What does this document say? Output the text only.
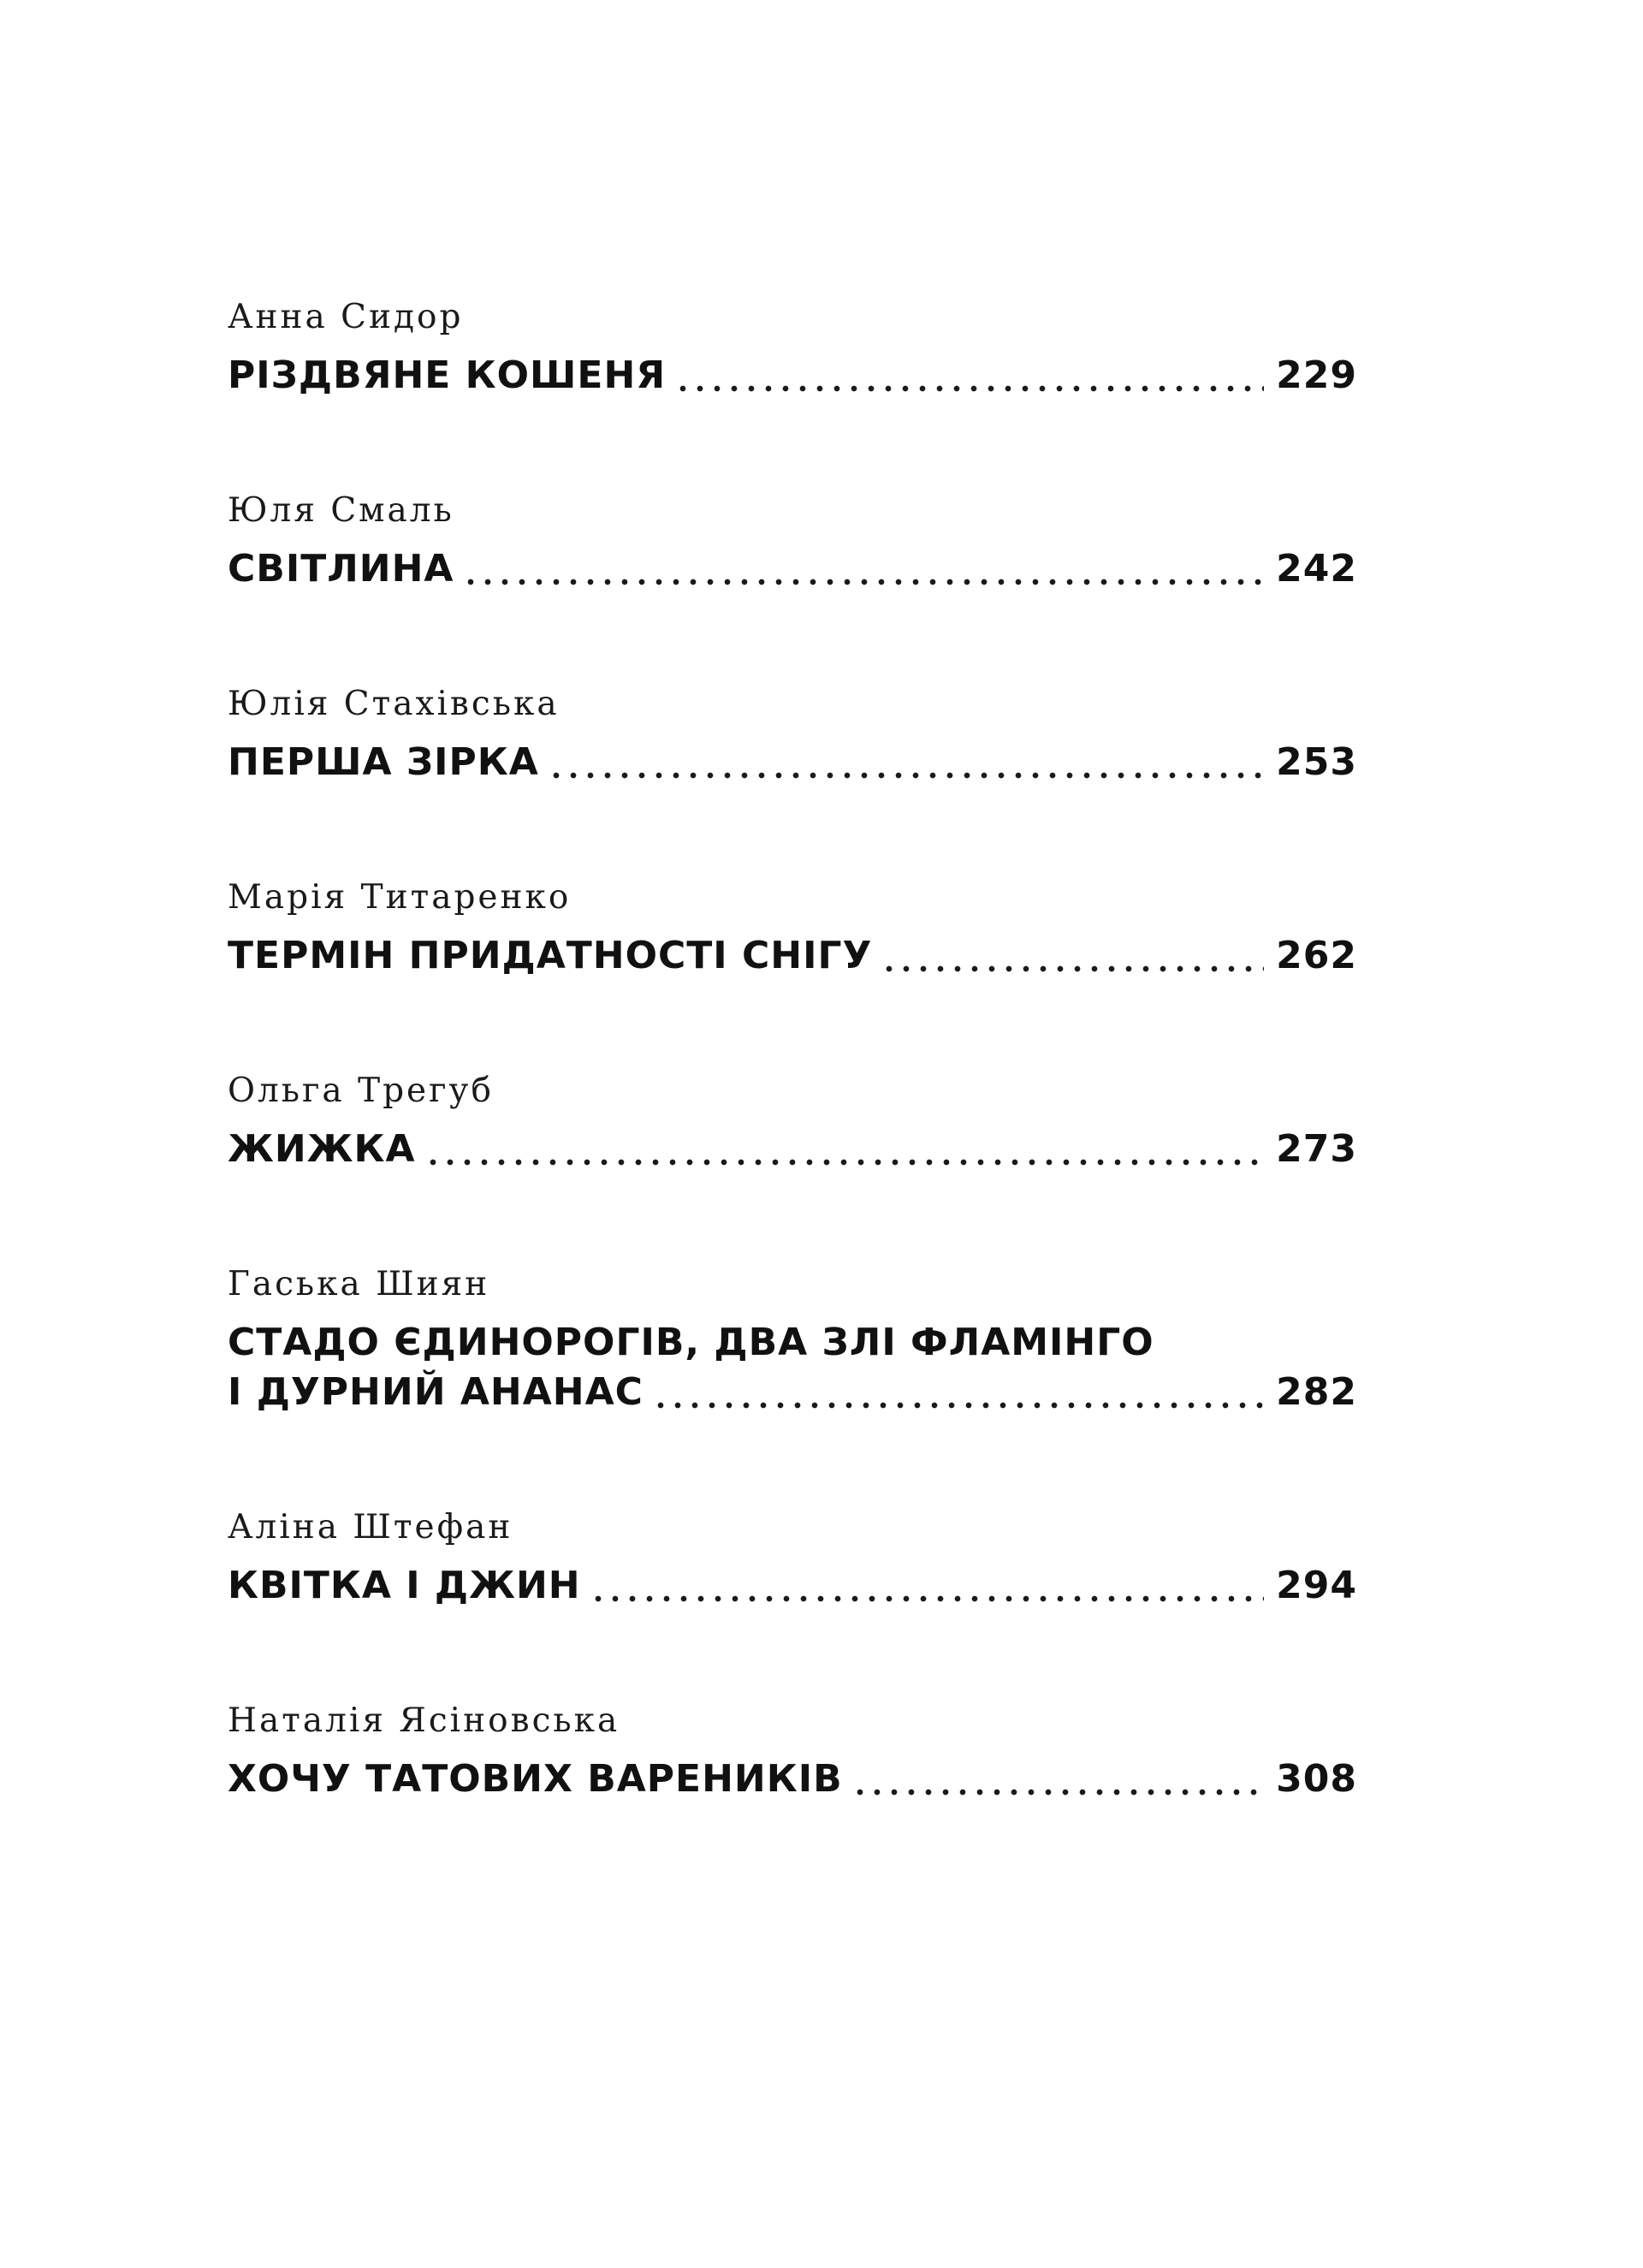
Анна Сидор
РІЗДВЯНЕ КОШЕНЯ	229
Юля Смаль
СВІТЛИНА	242
Юлія Стахівська
ПЕРША ЗІРКА	253
Марія Титаренко
ТЕРМІН ПРИДАТНОСТІ СНІГУ	262
Ольга Трегуб
ЖИЖКА	273
Гаська Шиян
СТАДО ЄДИНОРОГІВ, ДВА ЗЛІ ФЛАМІНГО
І ДУРНИЙ АНАНАС	282
Аліна Штефан
КВІТКА І ДЖИН	294
Наталія Ясіновська
ХОЧУ ТАТОВИХ ВАРЕНИКІВ	308
